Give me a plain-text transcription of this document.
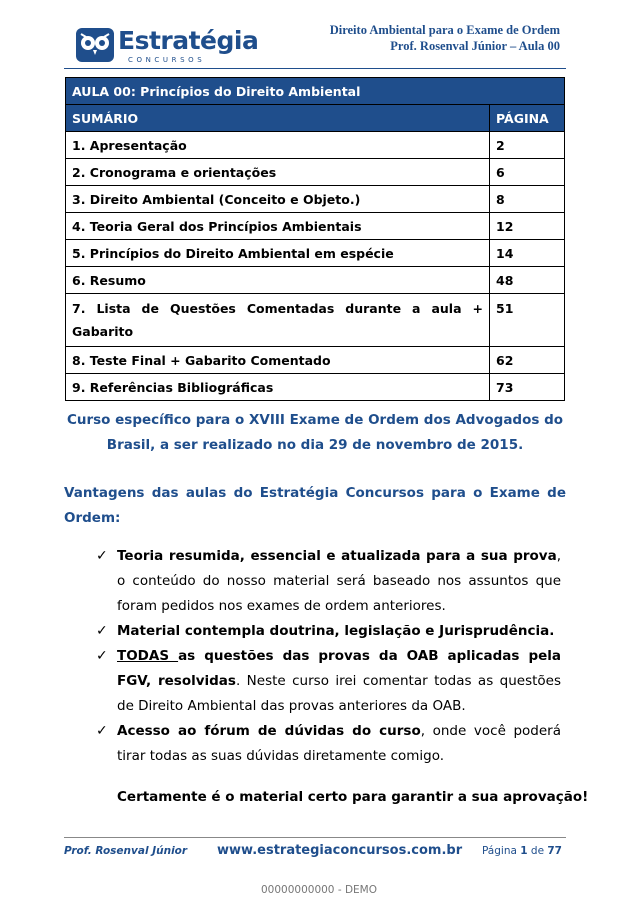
Estratégia
CONCURSOS
Direito Ambiental para o Exame de Ordem
Prof. Rosenval Júnior – Aula 00
AULA 00: Princípios do Direito Ambiental	
SUMÁRIO	PÁGINA
1. Apresentação	2
2. Cronograma e orientações	6
3. Direito Ambiental (Conceito e Objeto.)	8
4. Teoria Geral dos Princípios Ambientais	12
5. Princípios do Direito Ambiental em espécie	14
6. Resumo	48

7. Lista de Questões Comentadas durante a aula +
Gabarito	51
8. Teste Final + Gabarito Comentado	62
9. Referências Bibliográficas	73
Curso específico para o XVIII Exame de Ordem dos Advogados do
Brasil, a ser realizado no dia 29 de novembro de 2015.
Vantagens das aulas do Estratégia Concursos para o Exame de
Ordem:
✓ Teoria resumida, essencial e atualizada para a sua prova, o conteúdo do nosso material será baseado nos assuntos que foram pedidos nos exames de ordem anteriores.
✓ Material contempla doutrina, legislação e Jurisprudência.
✓ TODAS as questões das provas da OAB aplicadas pela FGV, resolvidas. Neste curso irei comentar todas as questões de Direito Ambiental das provas anteriores da OAB.
✓ Acesso ao fórum de dúvidas do curso, onde você poderá tirar todas as suas dúvidas diretamente comigo.
Certamente é o material certo para garantir a sua aprovação!
Prof. Rosenval Júnior www.estrategiaconcursos.com.br Página 1 de 77
00000000000 - DEMO
